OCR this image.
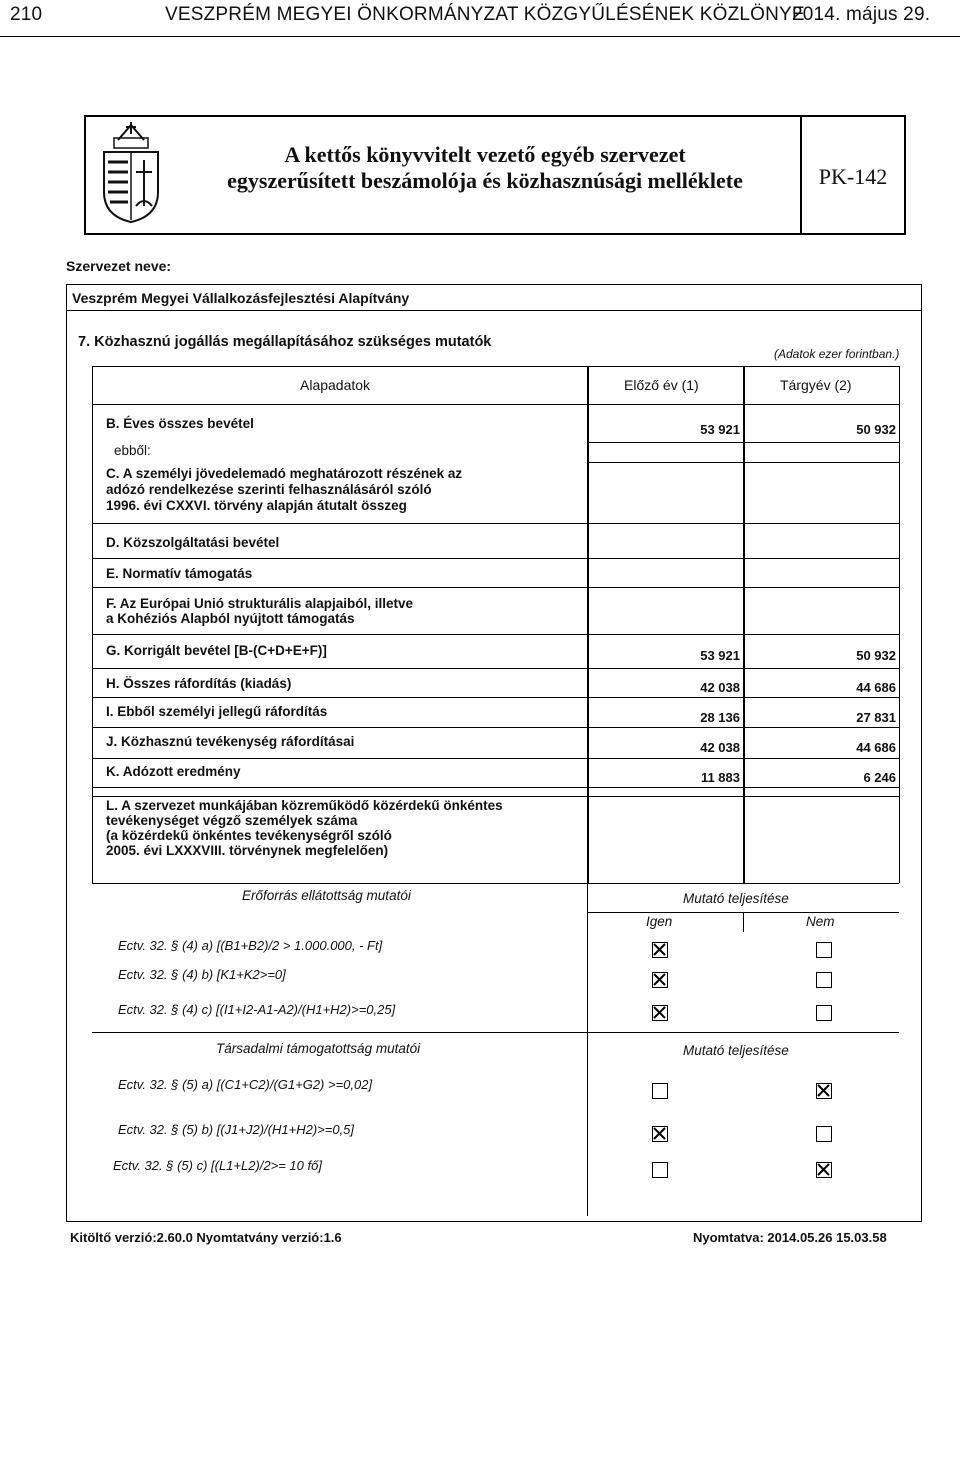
210	VESZPRÉM MEGYEI ÖNKORMÁNYZAT KÖZGYŰLÉSÉNEK KÖZLÖNYE
2014. május 29.
A kettős könyvvitelt vezető egyéb szervezet
egyszerűsített beszámolója és közhasznúsági melléklete	PK-142
Szervezet neve:
Veszprém Megyei Vállalkozásfejlesztési Alapítvány
7. Közhasznú jogállás megállapításához szükséges mutatók
(Adatok ezer forintban.)
Alapadatok	Előző év (1)	Tárgyév (2)
B. Éves összes bevétel	53 921	50 932
ebből:
C. A személyi jövedelemadó meghatározott részének az
adózó rendelkezése szerinti felhasználásáról szóló
1996. évi CXXVI. törvény alapján átutalt összeg
D. Közszolgáltatási bevétel
E. Normatív támogatás
F. Az Európai Unió strukturális alapjaiból, illetve
a Kohéziós Alapból nyújtott támogatás
G. Korrigált bevétel [B-(C+D+E+F)]	53 921	50 932
H. Összes ráfordítás (kiadás)	42 038	44 686
I. Ebből személyi jellegű ráfordítás	28 136	27 831
J. Közhasznú tevékenység ráfordításai	42 038	44 686
K. Adózott eredmény	11 883	6 246
L. A szervezet munkájában közreműködő közérdekű önkéntes
tevékenységet végző személyek száma
(a közérdekű önkéntes tevékenységről szóló
2005. évi LXXXVIII. törvénynek megfelelően)
Erőforrás ellátottság mutatói	Mutató teljesítése
Igen	Nem
Ectv. 32. § (4) a) [(B1+B2)/2 > 1.000.000, - Ft]
Ectv. 32. § (4) b) [K1+K2>=0]
Ectv. 32. § (4) c) [(I1+I2-A1-A2)/(H1+H2)>=0,25]
Társadalmi támogatottság mutatói	Mutató teljesítése
Ectv. 32. § (5) a) [(C1+C2)/(G1+G2) >=0,02]
Ectv. 32. § (5) b) [(J1+J2)/(H1+H2)>=0,5]
Ectv. 32. § (5) c) [(L1+L2)/2>= 10 fő]
Kitöltő verzió:2.60.0 Nyomtatvány verzió:1.6	Nyomtatva: 2014.05.26 15.03.58
